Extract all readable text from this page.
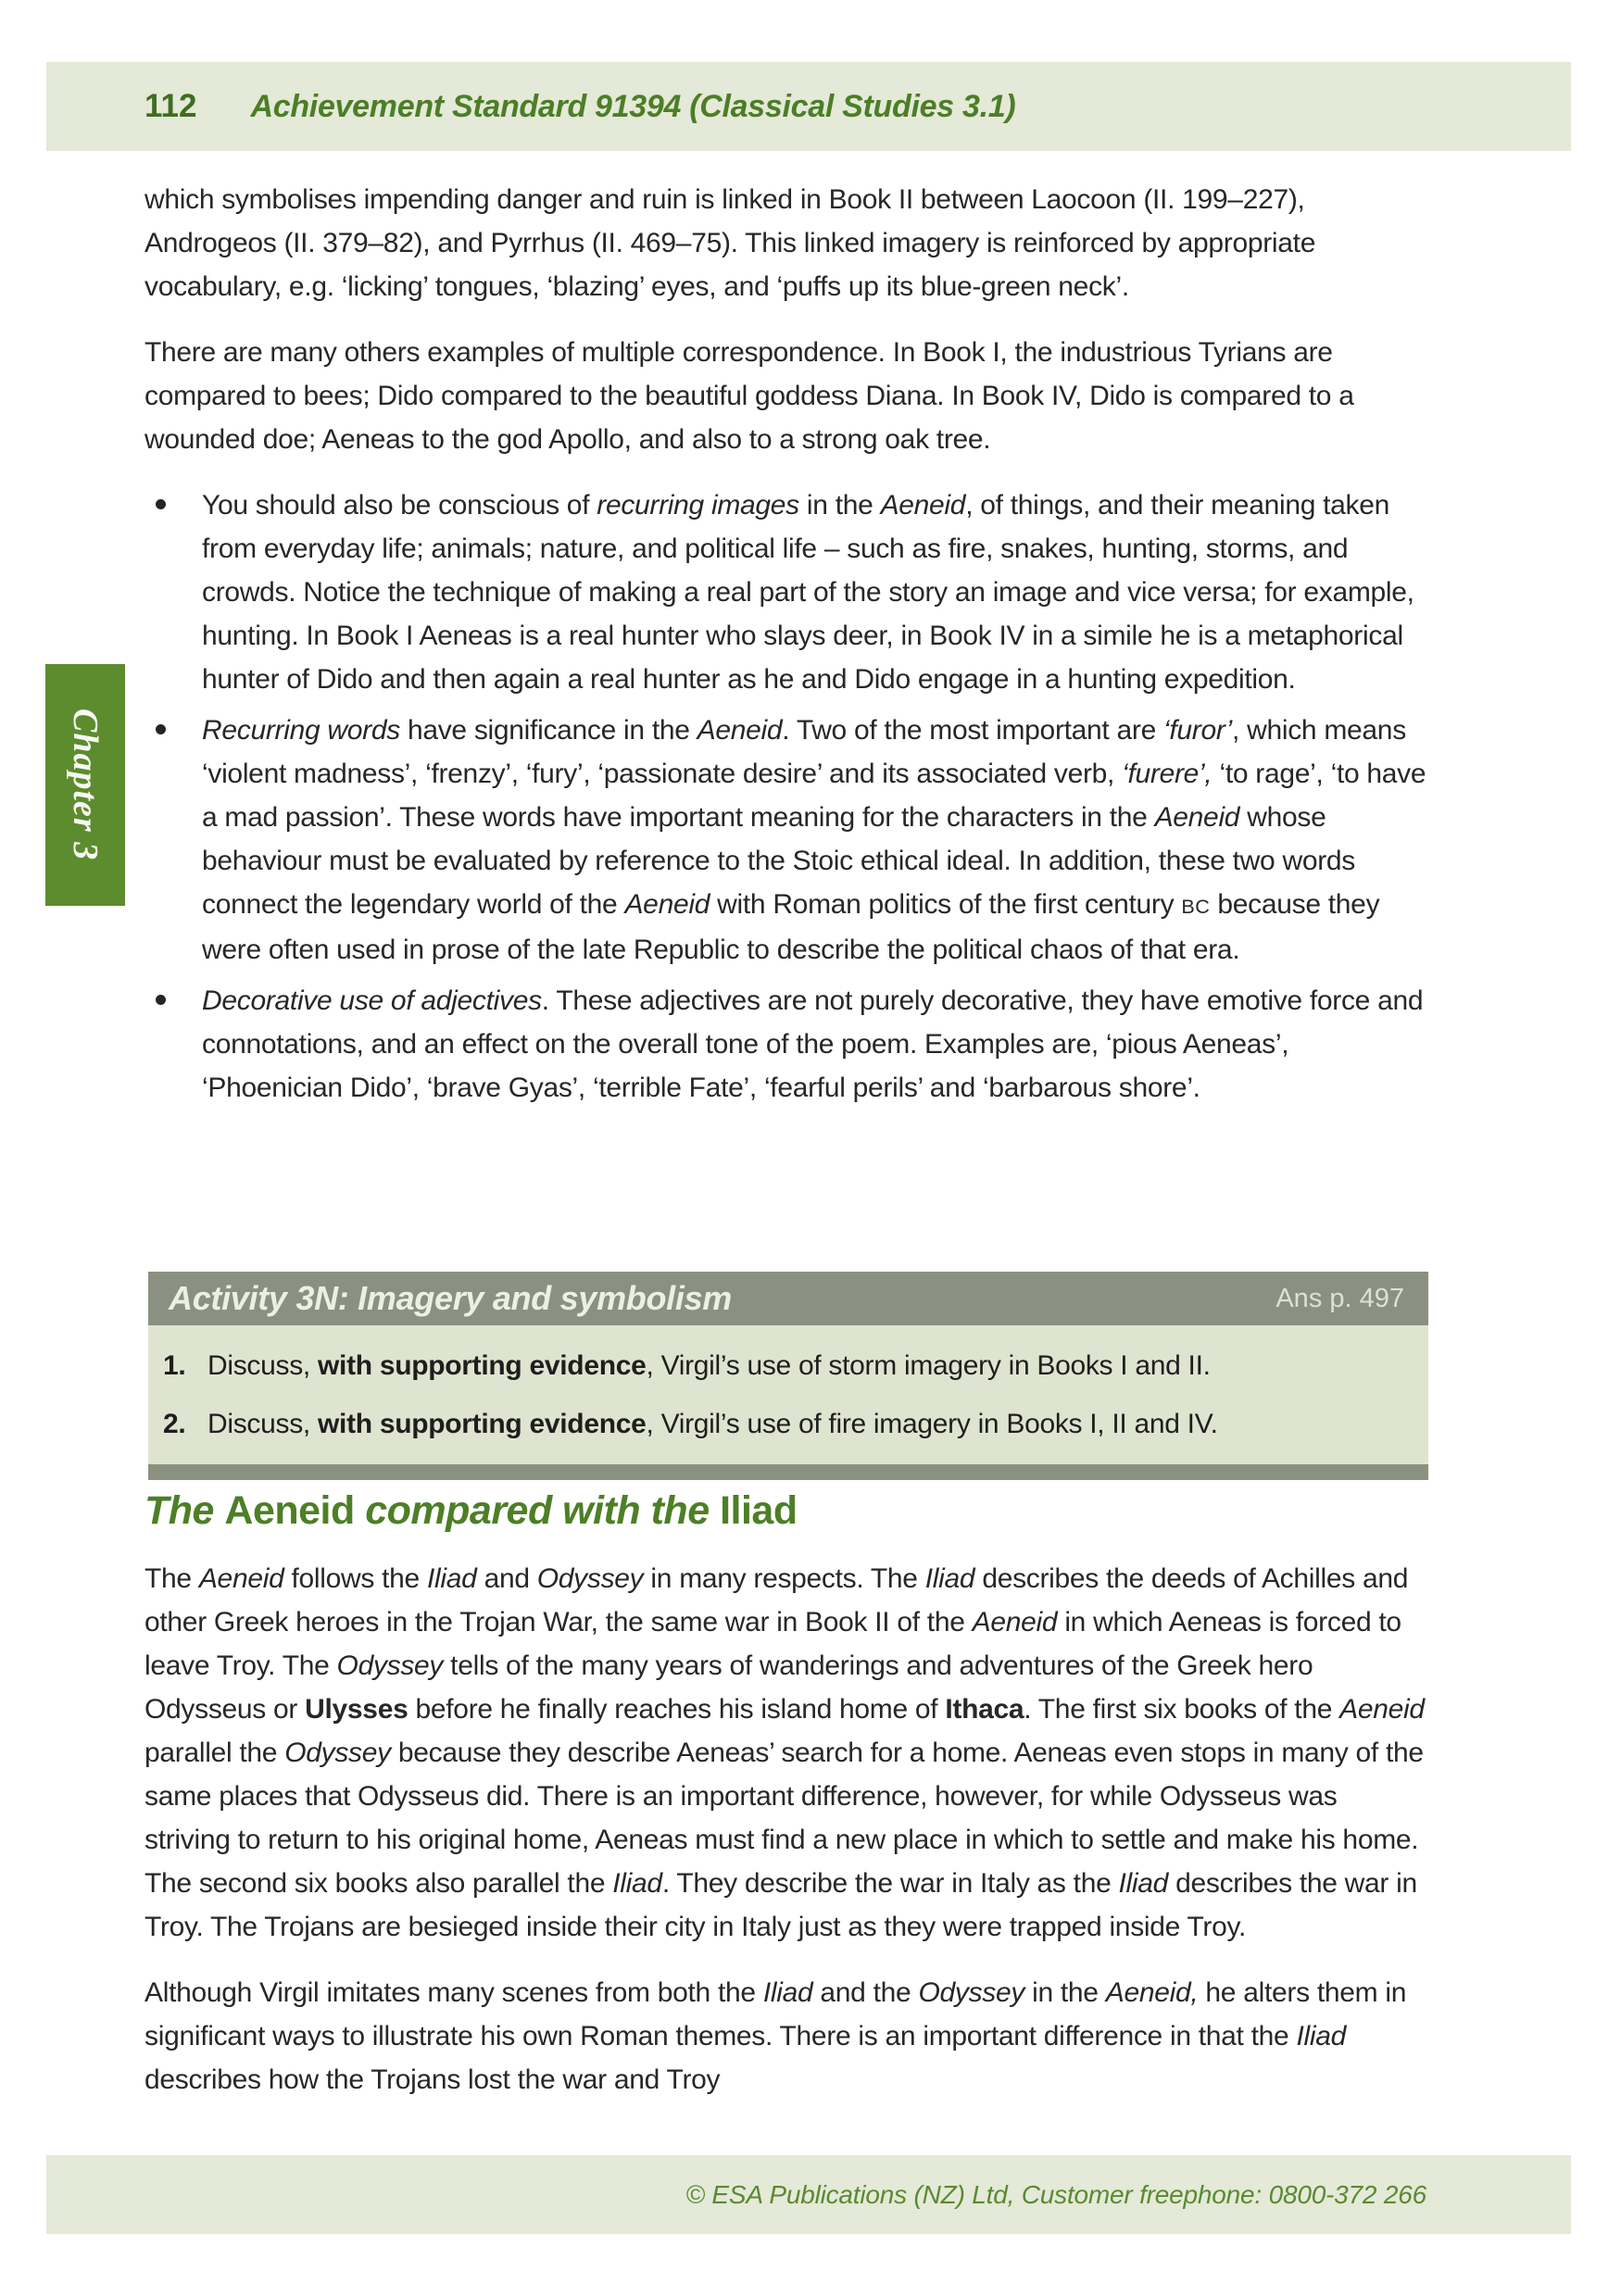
112 Achievement Standard 91394 (Classical Studies 3.1)
Chapter 3

which symbolises impending danger and ruin is linked in Book II between Laocoon (II. 199–227), Androgeos (II. 379–82), and Pyrrhus (II. 469–75). This linked imagery is reinforced by appropriate vocabulary, e.g. ‘licking’ tongues, ‘blazing’ eyes, and ‘puffs up its blue-green neck’.

There are many others examples of multiple correspondence. In Book I, the industrious Tyrians are compared to bees; Dido compared to the beautiful goddess Diana. In Book IV, Dido is compared to a wounded doe; Aeneas to the god Apollo, and also to a strong oak tree.

You should also be conscious of recurring images in the Aeneid, of things, and their meaning taken from everyday life; animals; nature, and political life – such as fire, snakes, hunting, storms, and crowds. Notice the technique of making a real part of the story an image and vice versa; for example, hunting. In Book I Aeneas is a real hunter who slays deer, in Book IV in a simile he is a metaphorical hunter of Dido and then again a real hunter as he and Dido engage in a hunting expedition.
Recurring words have significance in the Aeneid. Two of the most important are ‘furor’, which means ‘violent madness’, ‘frenzy’, ‘fury’, ‘passionate desire’ and its associated verb, ‘furere’, ‘to rage’, ‘to have a mad passion’. These words have important meaning for the characters in the Aeneid whose behaviour must be evaluated by reference to the Stoic ethical ideal. In addition, these two words connect the legendary world of the Aeneid with Roman politics of the first century BC because they were often used in prose of the late Republic to describe the political chaos of that era.
Decorative use of adjectives. These adjectives are not purely decorative, they have emotive force and connotations, and an effect on the overall tone of the poem. Examples are, ‘pious Aeneas’, ‘Phoenician Dido’, ‘brave Gyas’, ‘terrible Fate’, ‘fearful perils’ and ‘barbarous shore’.
Activity 3N: Imagery and symbolism	Ans p. 497
1. Discuss, with supporting evidence, Virgil’s use of storm imagery in Books I and II.
2. Discuss, with supporting evidence, Virgil’s use of fire imagery in Books I, II and IV.
The Aeneid compared with the Iliad

The Aeneid follows the Iliad and Odyssey in many respects. The Iliad describes the deeds of Achilles and other Greek heroes in the Trojan War, the same war in Book II of the Aeneid in which Aeneas is forced to leave Troy. The Odyssey tells of the many years of wanderings and adventures of the Greek hero Odysseus or Ulysses before he finally reaches his island home of Ithaca. The first six books of the Aeneid parallel the Odyssey because they describe Aeneas’ search for a home. Aeneas even stops in many of the same places that Odysseus did. There is an important difference, however, for while Odysseus was striving to return to his original home, Aeneas must find a new place in which to settle and make his home. The second six books also parallel the Iliad. They describe the war in Italy as the Iliad describes the war in Troy. The Trojans are besieged inside their city in Italy just as they were trapped inside Troy.

Although Virgil imitates many scenes from both the Iliad and the Odyssey in the Aeneid, he alters them in significant ways to illustrate his own Roman themes. There is an important difference in that the Iliad describes how the Trojans lost the war and Troy

© ESA Publications (NZ) Ltd, Customer freephone: 0800-372 266
